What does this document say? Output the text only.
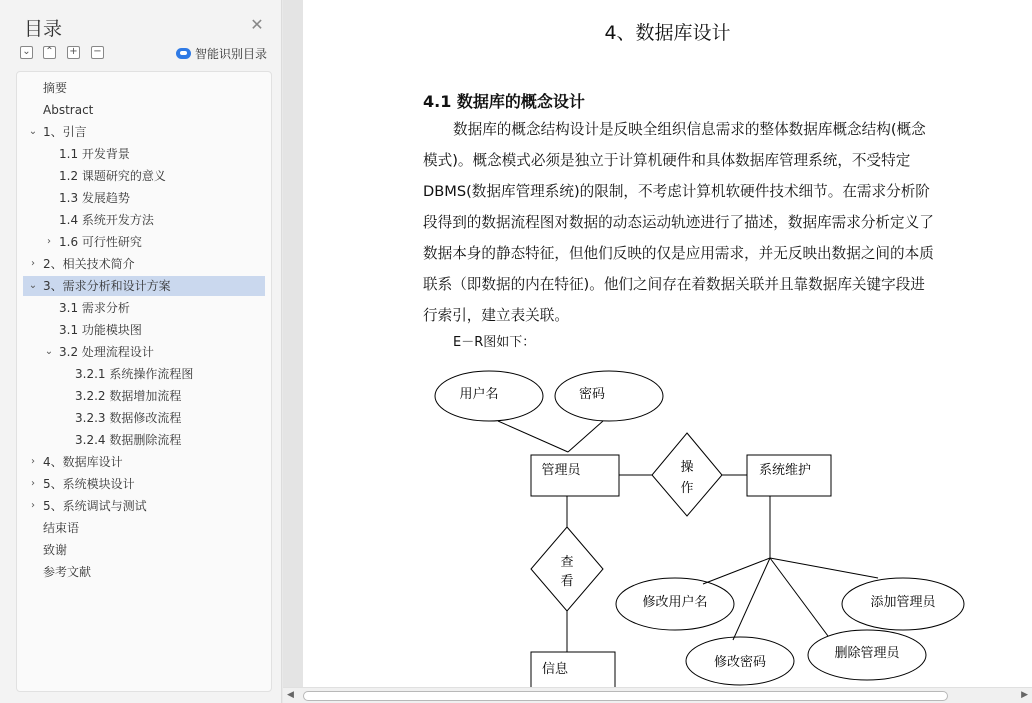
目录	✕
⌄ ⌃ + −	智能识别目录
摘要
Abstract
⌄ 1、引言
1.1 开发背景
1.2 课题研究的意义
1.3 发展趋势
1.4 系统开发方法
› 1.6 可行性研究
› 2、相关技术简介
⌄ 3、需求分析和设计方案
3.1 需求分析
3.1 功能模块图
⌄ 3.2 处理流程设计
3.2.1 系统操作流程图
3.2.2 数据增加流程
3.2.3 数据修改流程
3.2.4 数据删除流程
› 4、数据库设计
› 5、系统模块设计
› 5、系统调试与测试
结束语
致谢
参考文献
4、数据库设计
4.1 数据库的概念设计
数据库的概念结构设计是反映全组织信息需求的整体数据库概念结构(概念
模式)。概念模式必须是独立于计算机硬件和具体数据库管理系统，不受特定
DBMS(数据库管理系统)的限制，不考虑计算机软硬件技术细节。在需求分析阶
段得到的数据流程图对数据的动态运动轨迹进行了描述，数据库需求分析定义了
数据本身的静态特征，但他们反映的仅是应用需求，并无反映出数据之间的本质
联系（即数据的内在特征)。他们之间存在着数据关联并且靠数据库关键字段进
行索引，建立表关联。
E－R图如下：
用户名	密码
管理员	操
作
系统维护
查
看
信息
修改用户名	添加管理员
修改密码
删除管理员
◀	▶
